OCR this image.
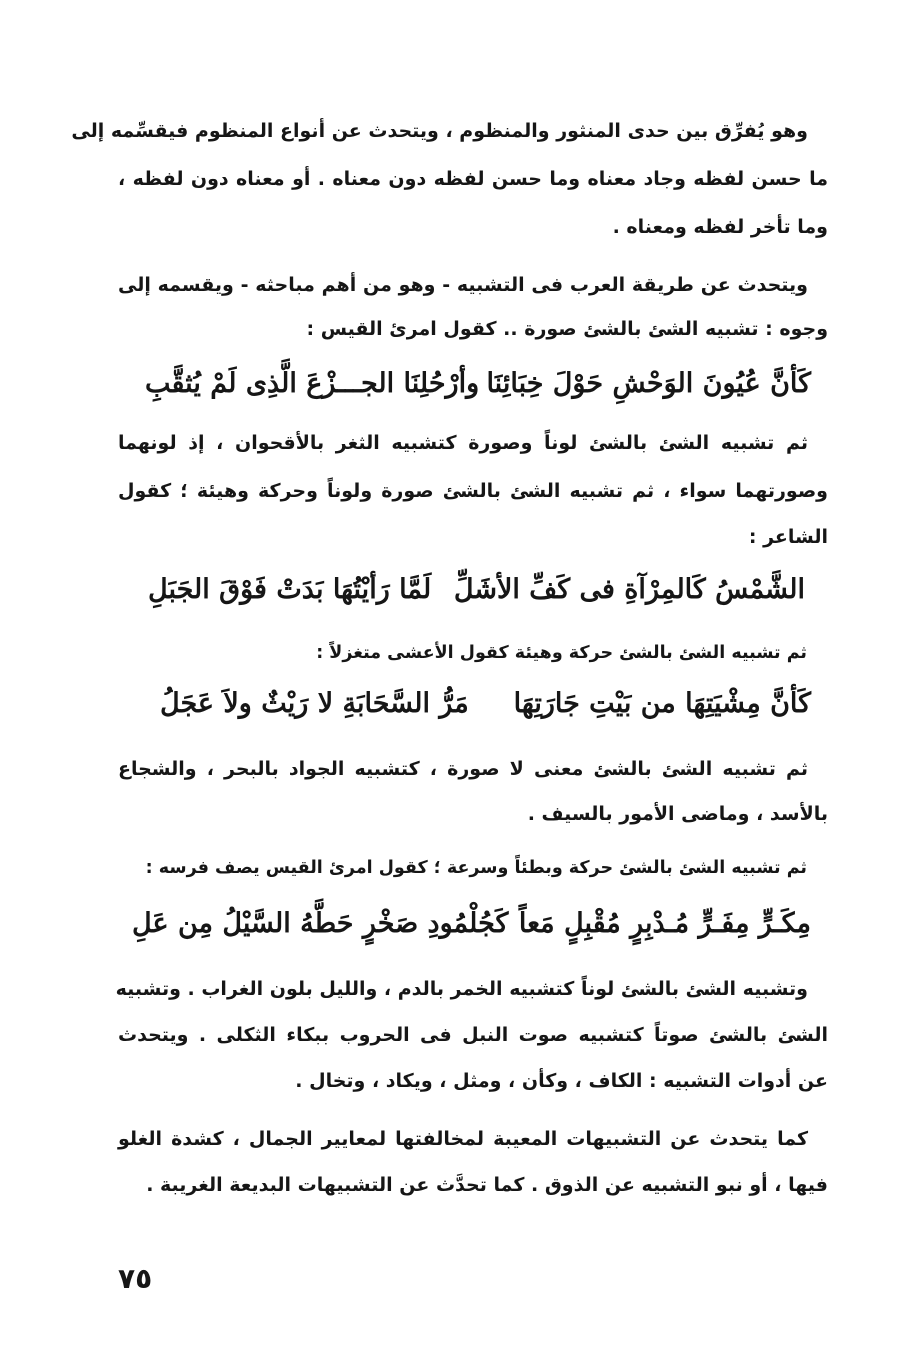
وهو يُفرِّق بين حدى المنثور والمنظوم ، ويتحدث عن أنواع المنظوم فيقسِّمه إلى
ما حسن لفظه وجاد معناه وما حسن لفظه دون معناه . أو معناه دون لفظه ،
وما تأخر لفظه ومعناه .
ويتحدث عن طريقة العرب فى التشبيه - وهو من أهم مباحثه - ويقسمه إلى
وجوه : تشبيه الشئ بالشئ صورة .. كقول امرئ القيس :
كَأنَّ عُيُونَ الوَحْشِ حَوْلَ خِبَائِنَا
وأرْحُلِنَا الجـــزْعَ الَّذِى لَمْ يُثقَّبِ
ثم تشبيه الشئ بالشئ لوناً وصورة كتشبيه الثغر بالأقحوان ، إذ لونهما
وصورتهما سواء ، ثم تشبيه الشئ بالشئ صورة ولوناً وحركة وهيئة ؛ كقول
الشاعر :
الشَّمْسُ كَالمِرْآةِ فى كَفِّ الأشَلِّ
لَمَّا رَأيْتُهَا بَدَتْ فَوْقَ الجَبَلِ
ثم تشبيه الشئ بالشئ حركة وهيئة كقول الأعشى متغزلاً :
كَأنَّ مِشْيَتِهَا من بَيْتِ جَارَتِهَا
مَرُّ السَّحَابَةِ لا رَيْثٌ ولاَ عَجَلُ
ثم تشبيه الشئ بالشئ معنى لا صورة ، كتشبيه الجواد بالبحر ، والشجاع
بالأسد ، وماضى الأمور بالسيف .
ثم تشبيه الشئ بالشئ حركة وبطئاً وسرعة ؛ كقول امرئ القيس يصف فرسه :
مِكَـرٍّ مِفَـرٍّ مُـدْبِرٍ مُقْبِلٍ مَعاً
كَجُلْمُودِ صَخْرٍ حَطَّهُ السَّيْلُ مِن عَلِ
وتشبيه الشئ بالشئ لوناً كتشبيه الخمر بالدم ، والليل بلون الغراب . وتشبيه
الشئ بالشئ صوتاً كتشبيه صوت النبل فى الحروب ببكاء الثكلى . ويتحدث
عن أدوات التشبيه : الكاف ، وكأن ، ومثل ، ويكاد ، وتخال .
كما يتحدث عن التشبيهات المعيبة لمخالفتها لمعايير الجمال ، كشدة الغلو
فيها ، أو نبو التشبيه عن الذوق . كما تحدَّث عن التشبيهات البديعة الغريبة .
٧٥
